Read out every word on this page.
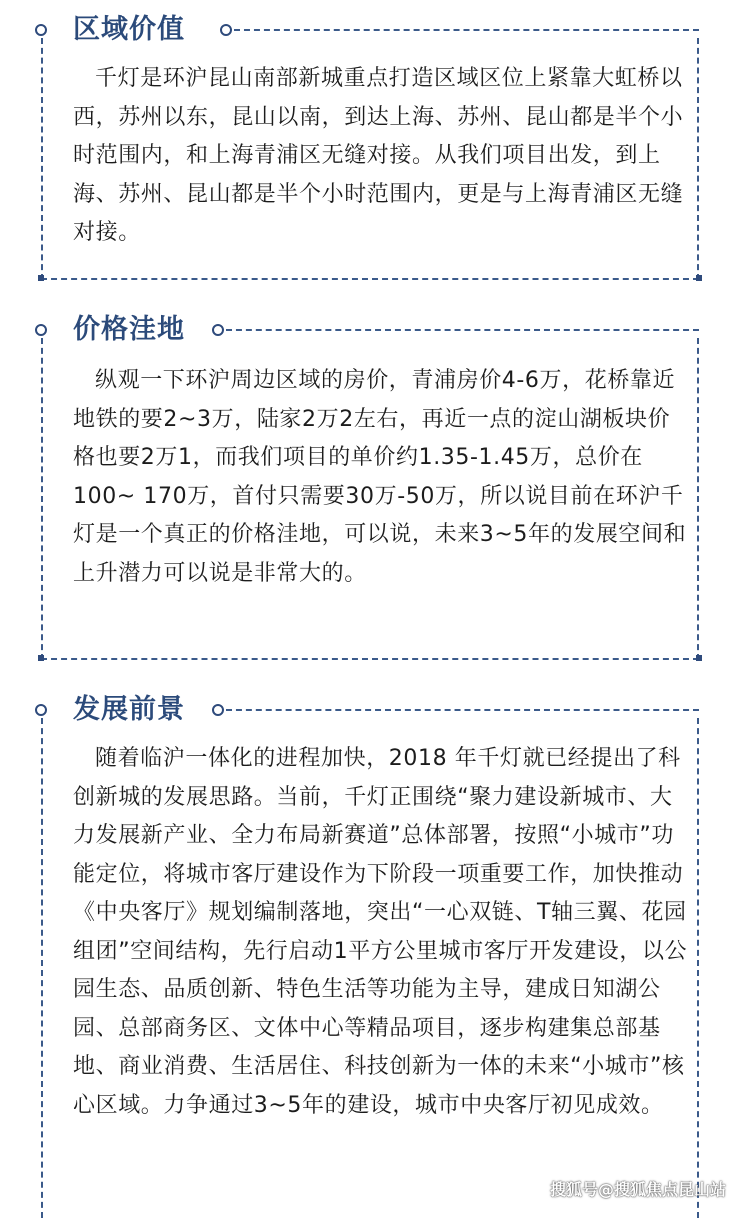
区域价值

千灯是环沪昆山南部新城重点打造区域区位上紧靠大虹桥以西，苏州以东，昆山以南，到达上海、苏州、昆山都是半个小时范围内，和上海青浦区无缝对接。从我们项目出发，到上海、苏州、昆山都是半个小时范围内，更是与上海青浦区无缝对接。

价格洼地

纵观一下环沪周边区域的房价，青浦房价4-6万，花桥靠近地铁的要2~3万，陆家2万2左右，再近一点的淀山湖板块价格也要2万1，而我们项目的单价约1.35-1.45万，总价在100~ 170万，首付只需要30万-50万，所以说目前在环沪千灯是一个真正的价格洼地，可以说，未来3~5年的发展空间和上升潜力可以说是非常大的。

发展前景

随着临沪一体化的进程加快，2018 年千灯就已经提出了科创新城的发展思路。当前，千灯正围绕“聚力建设新城市、大力发展新产业、全力布局新赛道”总体部署，按照“小城市”功能定位，将城市客厅建设作为下阶段一项重要工作，加快推动《中央客厅》规划编制落地，突出“一心双链、T轴三翼、花园组团”空间结构，先行启动1平方公里城市客厅开发建设，以公园生态、品质创新、特色生活等功能为主导，建成日知湖公园、总部商务区、文体中心等精品项目，逐步构建集总部基地、商业消费、生活居住、科技创新为一体的未来“小城市”核心区域。力争通过3~5年的建设，城市中央客厅初见成效。

搜狐号@搜狐焦点昆山站
